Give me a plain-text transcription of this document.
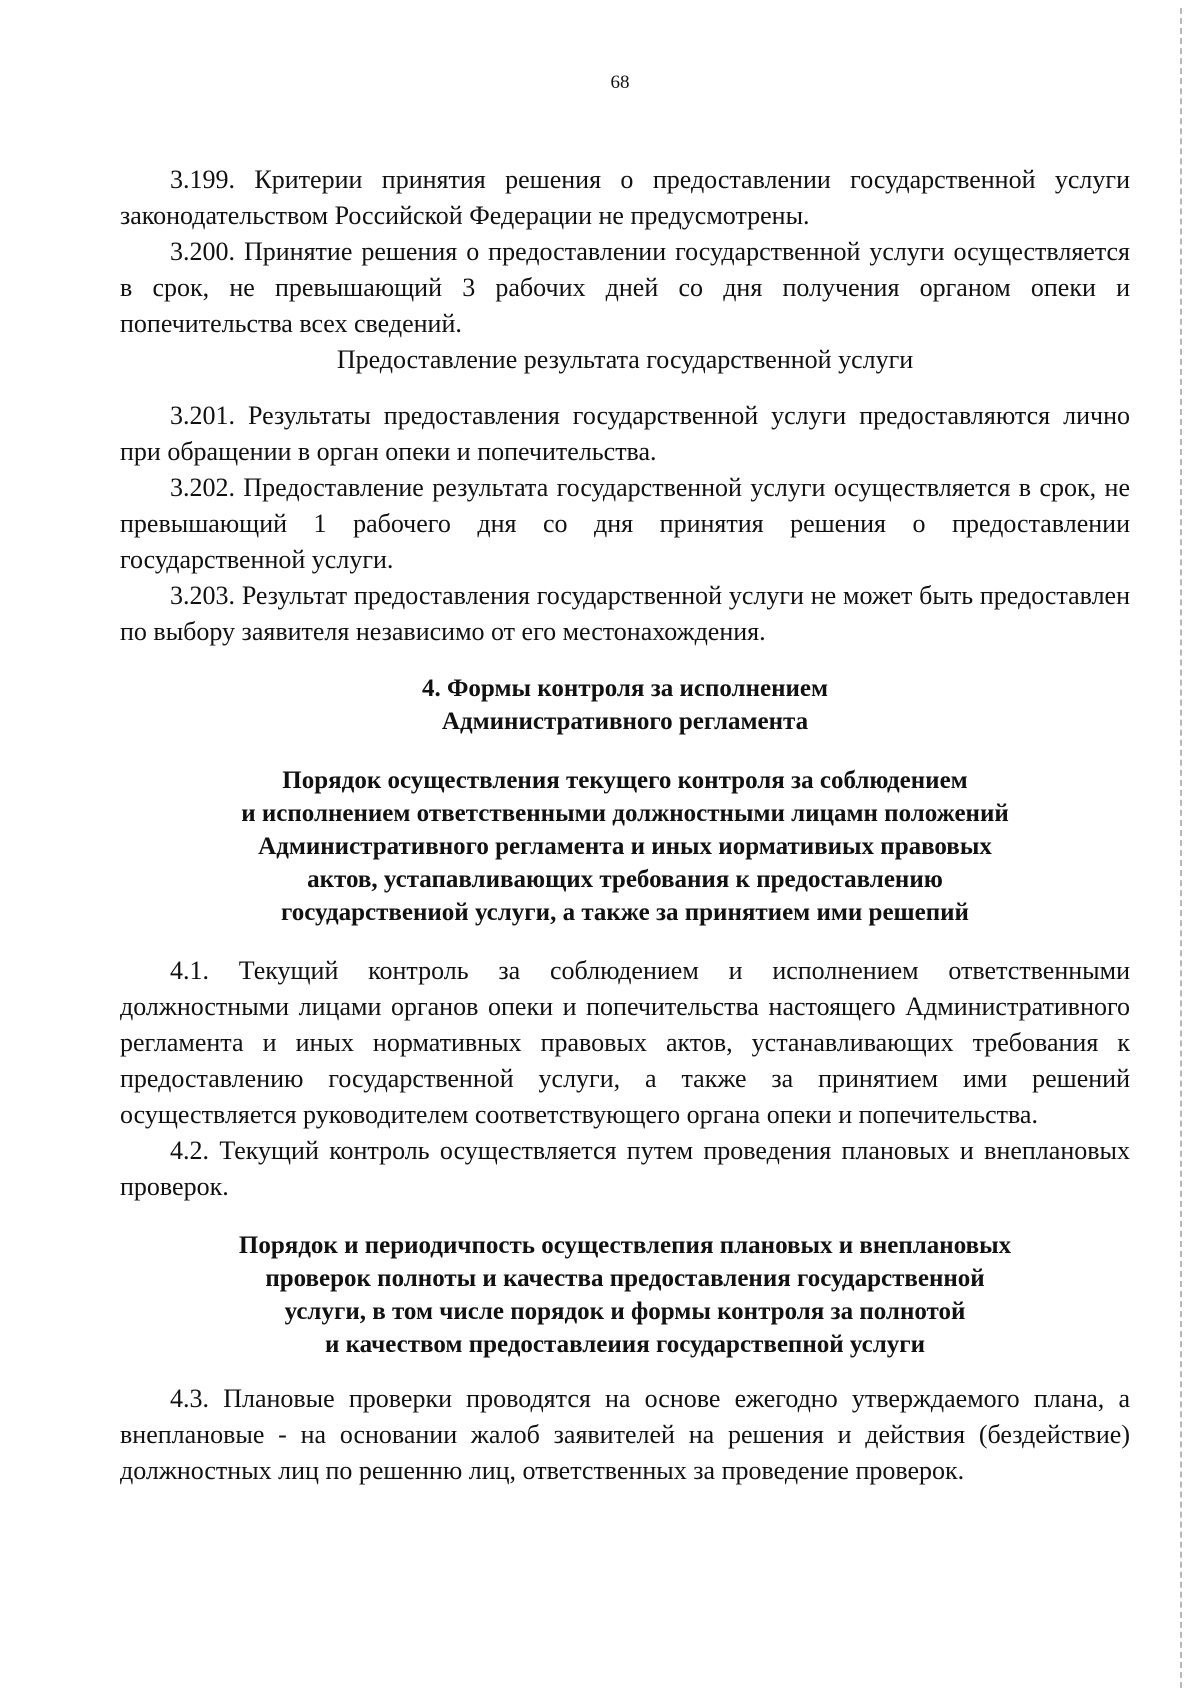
68

3.199. Критерии принятия решения о предоставлении государственной услуги законодательством Российской Федерации не предусмотрены.

3.200. Принятие решения о предоставлении государственной услуги осуществляется в срок, не превышающий 3 рабочих дней со дня получения органом опеки и попечительства всех сведений.

Предоставление результата государственной услуги

3.201. Результаты предоставления государственной услуги предоставляются лично при обращении в орган опеки и попечительства.

3.202. Предоставление результата государственной услуги осуществляется в срок, не превышающий 1 рабочего дня со дня принятия решения о предоставлении государственной услуги.

3.203. Результат предоставления государственной услуги не может быть предоставлен по выбору заявителя независимо от его местонахождения.

4. Формы контроля за исполнением
Административного регламента
Порядок осуществления текущего контроля за соблюдением
и исполнением ответственными должностными лицамн положений
Административного регламента и иных иормативиых правовых
актов, устапавливающих требования к предоставлению
государствениой услуги, а также за принятием ими решепий

4.1. Текущий контроль за соблюдением и исполнением ответственными должностными лицами органов опеки и попечительства настоящего Административного регламента и иных нормативных правовых актов, устанавливающих требования к предоставлению государственной услуги, а также за принятием ими решений осуществляется руководителем соответствующего органа опеки и попечительства.

4.2. Текущий контроль осуществляется путем проведения плановых и внеплановых проверок.

Порядок и периодичпость осуществлепия плановых и внеплановых
проверок полноты и качества предоставления государственной
услуги, в том числе порядок и формы контроля за полнотой
и качеством предоставлеиия государствепной услуги

4.3. Плановые проверки проводятся на основе ежегодно утверждаемого плана, а внеплановые - на основании жалоб заявителей на решения и действия (бездействие) должностных лиц по решенню лиц, ответственных за проведение проверок.
